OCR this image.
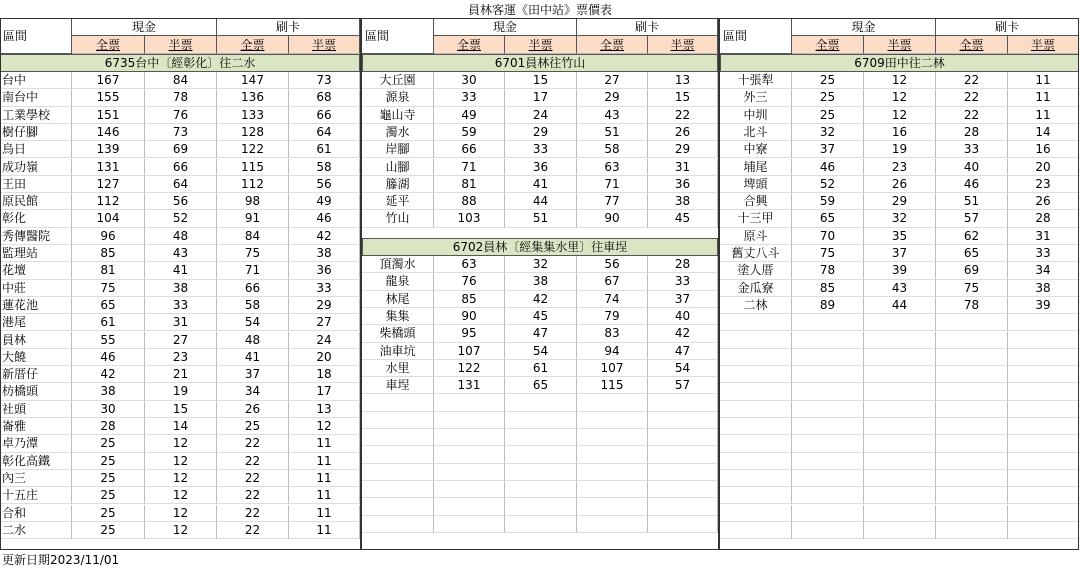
員林客運《田中站》票價表
區間
現金	刷卡
全票	半票	全票	半票
6735台中〔經彰化〕往二水
台中	167	84	147	73
南台中	155	78	136	68
工業學校	151	76	133	66
樹仔腳	146	73	128	64
烏日	139	69	122	61
成功嶺	131	66	115	58
王田	127	64	112	56
原民館	112	56	98	49
彰化	104	52	91	46
秀傳醫院	96	48	84	42
監理站	85	43	75	38
花壇	81	41	71	36
中莊	75	38	66	33
蓮花池	65	33	58	29
港尾	61	31	54	27
員林	55	27	48	24
大饒	46	23	41	20
新厝仔	42	21	37	18
枋橋頭	38	19	34	17
社頭	30	15	26	13
崙雅	28	14	25	12
卓乃潭	25	12	22	11
彰化高鐵	25	12	22	11
內三	25	12	22	11
十五庄	25	12	22	11
合和	25	12	22	11
二水	25	12	22	11
區間
現金	刷卡
全票	半票	全票	半票
6701員林往竹山
大丘園	30	15	27	13
源泉	33	17	29	15
龜山寺	49	24	43	22
濁水	59	29	51	26
岸腳	66	33	58	29
山腳	71	36	63	31
籐湖	81	41	71	36
延平	88	44	77	38
竹山	103	51	90	45
6702員林〔經集集水里〕往車埕
頂濁水	63	32	56	28
龍泉	76	38	67	33
林尾	85	42	74	37
集集	90	45	79	40
柴橋頭	95	47	83	42
油車坑	107	54	94	47
水里	122	61	107	54
車埕	131	65	115	57
區間
現金	刷卡
全票	半票	全票	半票
6709田中往二林
十張犁	25	12	22	11
外三	25	12	22	11
中圳	25	12	22	11
北斗	32	16	28	14
中寮	37	19	33	16
埔尾	46	23	40	20
埤頭	52	26	46	23
合興	59	29	51	26
十三甲	65	32	57	28
原斗	70	35	62	31
舊丈八斗	75	37	65	33
塗人厝	78	39	69	34
金瓜寮	85	43	75	38
二林	89	44	78	39
更新日期2023/11/01
